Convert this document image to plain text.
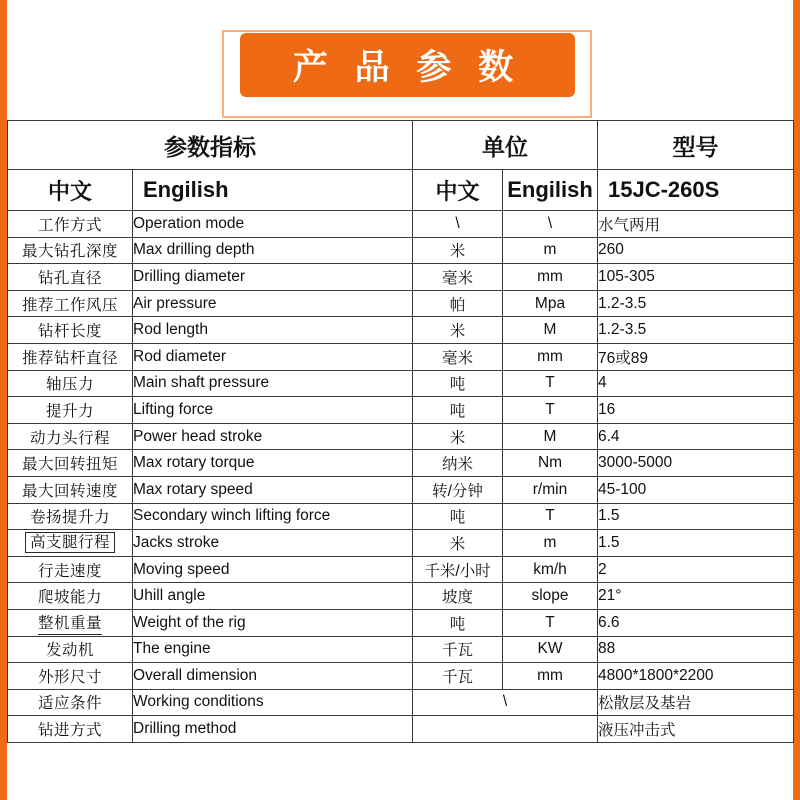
产 品 参 数
参数指标		单位		型号
中文	Engilish	中文	Engilish	15JC-260S
工作方式	Operation mode	\	\	水气两用
最大钻孔深度	Max drilling depth	米	m	260
钻孔直径	Drilling diameter	毫米	mm	105-305
推荐工作风压	Air pressure	帕	Mpa	1.2-3.5
钻杆长度	Rod length	米	M	1.2-3.5
推荐钻杆直径	Rod diameter	毫米	mm	76或89
轴压力	Main shaft pressure	吨	T	4
提升力	Lifting force	吨	T	16
动力头行程	Power head stroke	米	M	6.4
最大回转扭矩	Max rotary torque	纳米	Nm	3000-5000
最大回转速度	Max rotary speed	转/分钟	r/min	45-100
卷扬提升力	Secondary winch lifting force	吨	T	1.5
高支腿行程	Jacks stroke	米	m	1.5
行走速度	Moving speed	千米/小时	km/h	2
爬坡能力	Uhill angle	坡度	slope	21°
整机重量	Weight of the rig	吨	T	6.6
发动机	The engine	千瓦	KW	88
外形尺寸	Overall dimension	千瓦	mm	4800*1800*2200
适应条件	Working conditions	\		松散层及基岩
钻进方式	Drilling method			液压冲击式
